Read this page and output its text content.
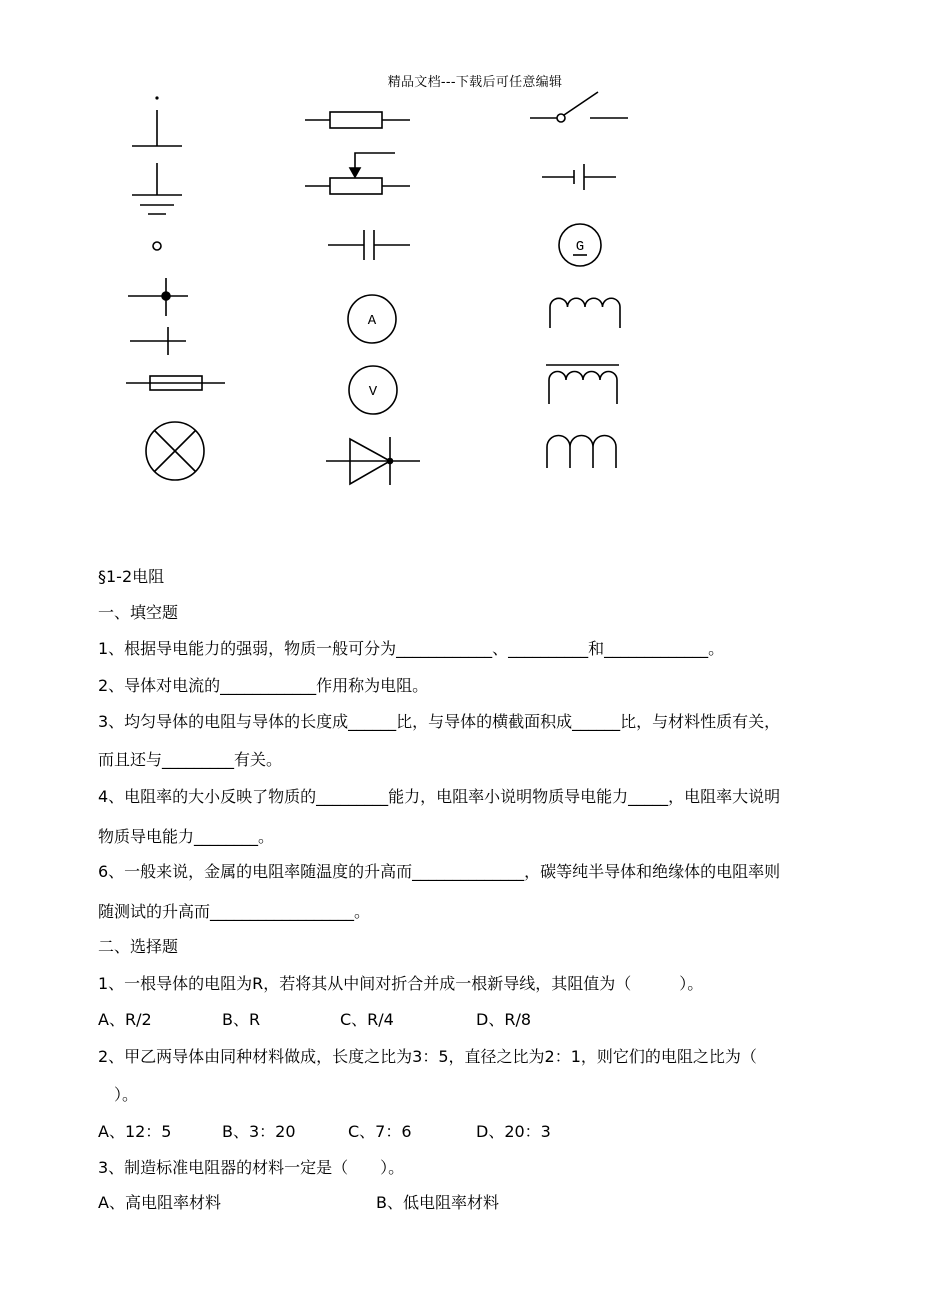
精品文档---下载后可任意编辑
G
A
V
§1-2电阻
一、填空题
1、根据导电能力的强弱，物质一般可分为____________、__________和_____________。
2、导体对电流的____________作用称为电阻。
3、均匀导体的电阻与导体的长度成______比，与导体的横截面积成______比，与材料性质有关，
而且还与_________有关。
4、电阻率的大小反映了物质的_________能力，电阻率小说明物质导电能力_____，电阻率大说明
物质导电能力________。
6、一般来说，金属的电阻率随温度的升高而______________，碳等纯半导体和绝缘体的电阻率则
随测试的升高而__________________。
二、选择题
1、一根导体的电阻为R，若将其从中间对折合并成一根新导线，其阻值为（　　　）。
A、R/2	B、R	C、R/4	D、R/8
2、甲乙两导体由同种材料做成，长度之比为3：5，直径之比为2：1，则它们的电阻之比为（
　）。
A、12：5	B、3：20	C、7：6	D、20：3
3、制造标准电阻器的材料一定是（　　）。
A、高电阻率材料	B、低电阻率材料
